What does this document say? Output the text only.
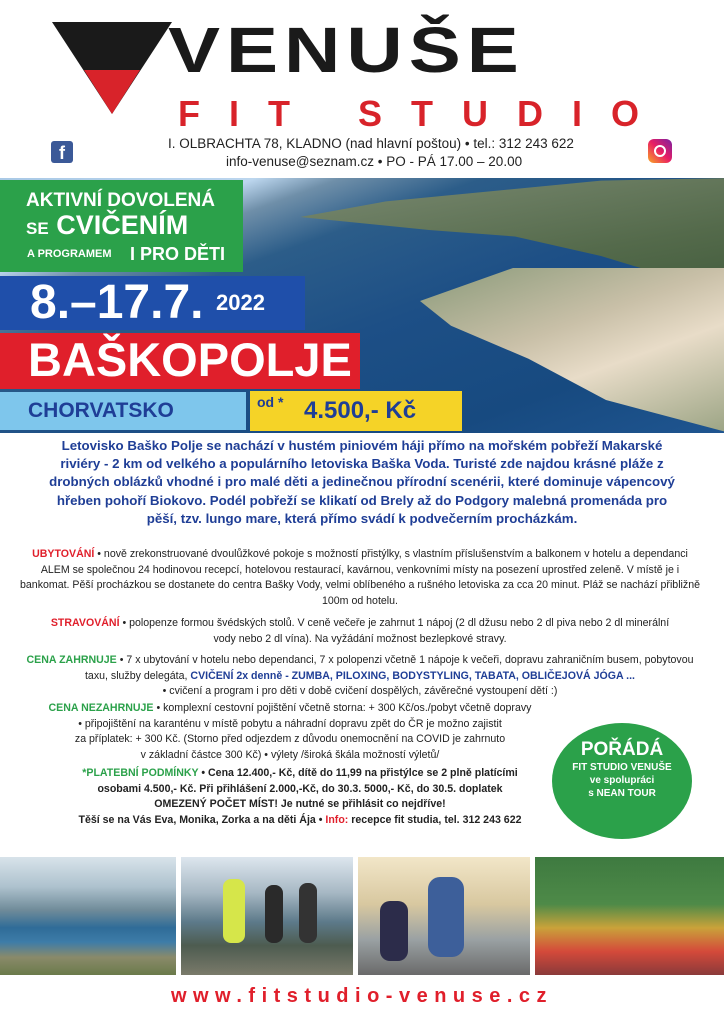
VENUŠE
FIT STUDIO
f	I. OLBRACHTA 78, KLADNO (nad hlavní poštou) • tel.: 312 243 622
info-venuse@seznam.cz • PO - PÁ 17.00 – 20.00
AKTIVNÍ DOVOLENÁ
SE CVIČENÍM
A PROGRAMEM I PRO DĚTI
8.–17.7. 2022
BAŠKOPOLJE
CHORVATSKO	od * 4.500,- Kč
Letovisko Baško Polje se nachází v hustém piniovém háji přímo na mořském pobřeží Makarské riviéry - 2 km od velkého a populárního letoviska Baška Voda. Turisté zde najdou krásné pláže z drobných oblázků vhodné i pro malé děti a jedinečnou přírodní scenérii, které dominuje vápencový hřeben pohoří Biokovo. Podél pobřeží se klikatí od Brely až do Podgory malebná promenáda pro pěší, tzv. lungo mare, která přímo svádí k podvečerním procházkám.
UBYTOVÁNÍ • nově zrekonstruované dvoulůžkové pokoje s možností přistýlky, s vlastním příslušenstvím a balkonem v hotelu a dependanci ALEM se společnou 24 hodinovou recepcí, hotelovou restaurací, kavárnou, venkovními místy na posezení uprostřed zeleně. V místě je i bankomat. Pěší procházkou se dostanete do centra Bašky Vody, velmi oblíbeného a rušného letoviska za cca 20 minut. Pláž se nachází přibližně 100m od hotelu.
STRAVOVÁNÍ • polopenze formou švédských stolů. V ceně večeře je zahrnut 1 nápoj (2 dl džusu nebo 2 dl piva nebo 2 dl minerální vody nebo 2 dl vína). Na vyžádání možnost bezlepkové stravy.
CENA ZAHRNUJE • 7 x ubytování v hotelu nebo dependanci, 7 x polopenzi včetně 1 nápoje k večeři, dopravu zahraničním busem, pobytovou taxu, služby delegáta, CVIČENÍ 2x denně - ZUMBA, PILOXING, BODYSTYLING, TABATA, OBLIČEJOVÁ JÓGA ...
• cvičení a program i pro děti v době cvičení dospělých, závěrečné vystoupení dětí :)
CENA NEZAHRNUJE • komplexní cestovní pojištění včetně storna: + 300 Kč/os./pobyt včetně dopravy
• připojištění na karanténu v místě pobytu a náhradní dopravu zpět do ČR je možno zajistit
za příplatek: + 300 Kč. (Storno před odjezdem z důvodu onemocnění na COVID je zahrnuto
v základní částce 300 Kč) • výlety /široká škála možností výletů/
*PLATEBNÍ PODMÍNKY • Cena 12.400,- Kč, dítě do 11,99 na přistýlce se 2 plně platícími
osobami 4.500,- Kč. Při přihlášení 2.000,-Kč, do 30.3. 5000,- Kč, do 30.5. doplatek
OMEZENÝ POČET MÍST! Je nutné se přihlásit co nejdříve!
Těší se na Vás Eva, Monika, Zorka a na děti Ája • Info: recepce fit studia, tel. 312 243 622
POŘÁDÁ
FIT STUDIO VENUŠE
ve spolupráci
s NEAN TOUR
www.fitstudio-venuse.cz
